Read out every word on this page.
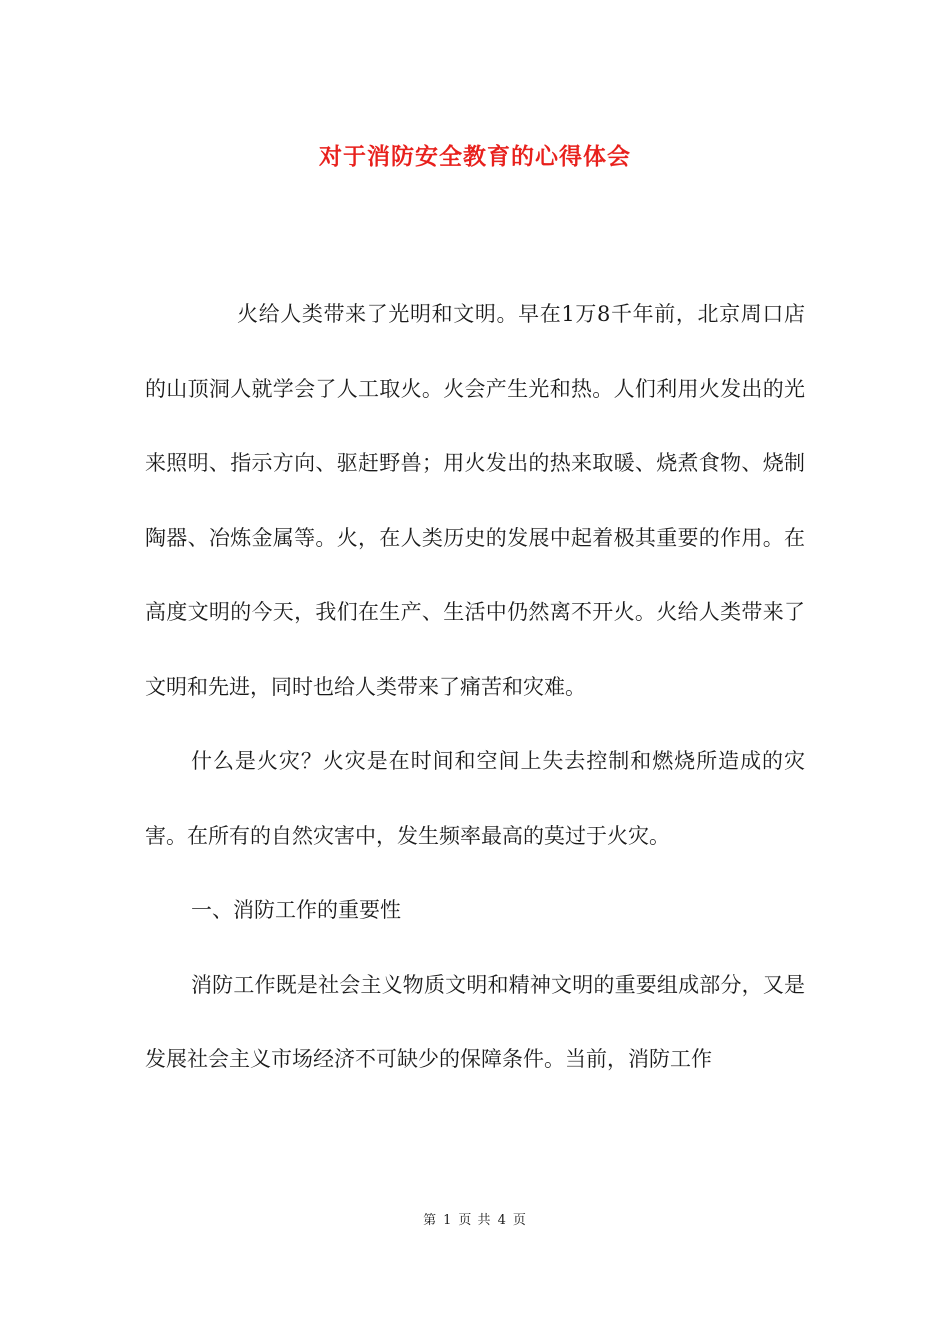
对于消防安全教育的心得体会

火给人类带来了光明和文明。早在1万8千年前，北京周口店的山顶洞人就学会了人工取火。火会产生光和热。人们利用火发出的光来照明、指示方向、驱赶野兽；用火发出的热来取暖、烧煮食物、烧制陶器、冶炼金属等。火，在人类历史的发展中起着极其重要的作用。在高度文明的今天，我们在生产、生活中仍然离不开火。火给人类带来了文明和先进，同时也给人类带来了痛苦和灾难。

什么是火灾？火灾是在时间和空间上失去控制和燃烧所造成的灾害。在所有的自然灾害中，发生频率最高的莫过于火灾。

一、消防工作的重要性

消防工作既是社会主义物质文明和精神文明的重要组成部分，又是发展社会主义市场经济不可缺少的保障条件。当前，消防工作

第 1 页 共 4 页
